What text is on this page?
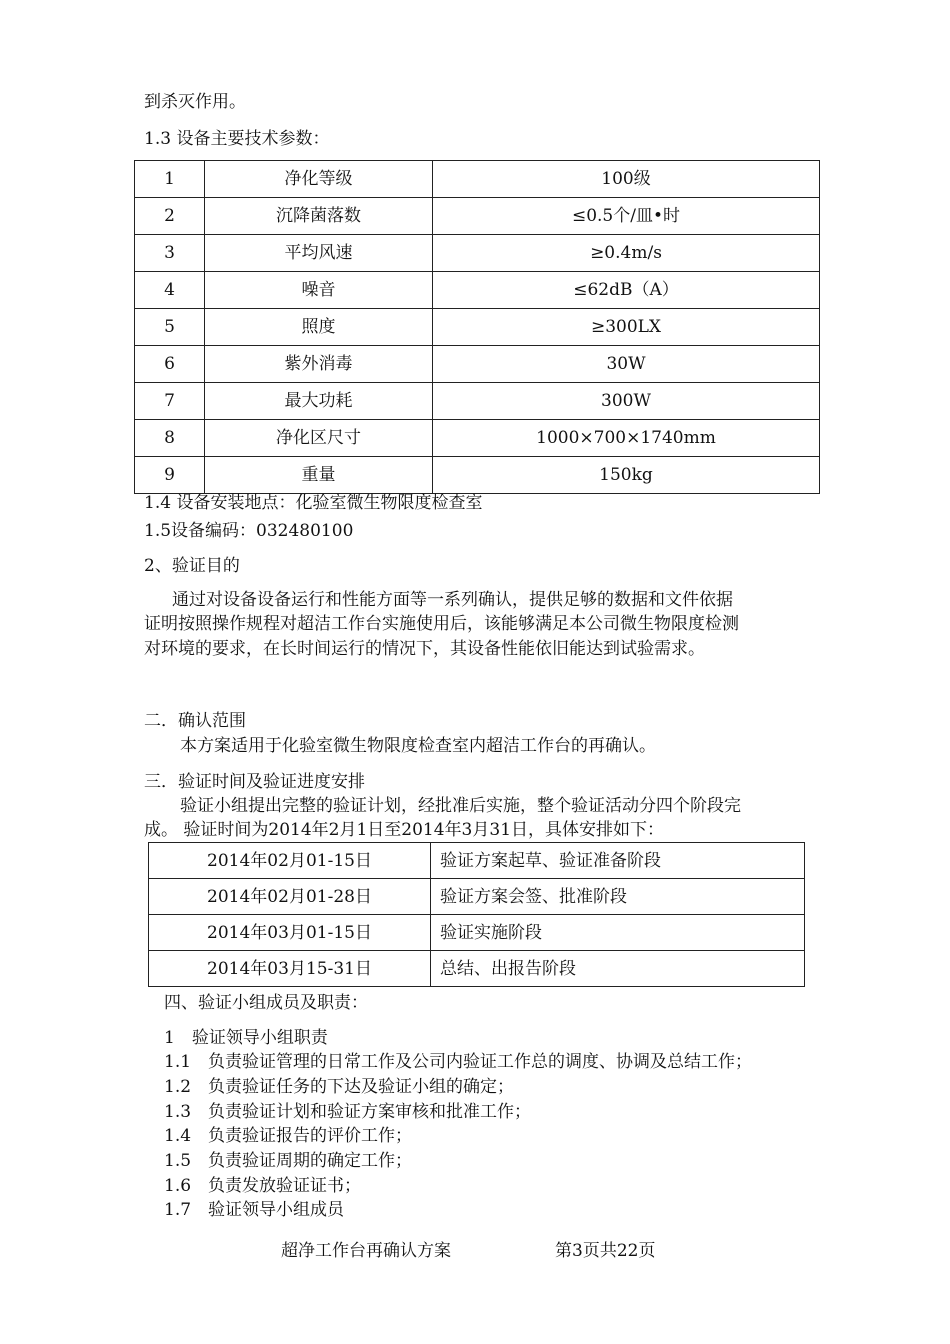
到杀灭作用。
1.3 设备主要技术参数：
1	净化等级	100级
2	沉降菌落数	≤0.5个/皿•时
3	平均风速	≥0.4m/s
4	噪音	≤62dB（A）
5	照度	≥300LX
6	紫外消毒	30W
7	最大功耗	300W
8	净化区尺寸	1000×700×1740mm
9	重量	150kg
1.4 设备安装地点：化验室微生物限度检查室
1.5设备编码：032480100
2、验证目的
通过对设备设备运行和性能方面等一系列确认，提供足够的数据和文件依据
证明按照操作规程对超洁工作台实施使用后，该能够满足本公司微生物限度检测
对环境的要求，在长时间运行的情况下，其设备性能依旧能达到试验需求。
二．确认范围
本方案适用于化验室微生物限度检查室内超洁工作台的再确认。
三．验证时间及验证进度安排
验证小组提出完整的验证计划，经批准后实施，整个验证活动分四个阶段完
成。 验证时间为2014年2月1日至2014年3月31日，具体安排如下：
2014年02月01-15日	验证方案起草、验证准备阶段
2014年02月01-28日	验证方案会签、批准阶段
2014年03月01-15日	验证实施阶段
2014年03月15-31日	总结、出报告阶段
四、验证小组成员及职责：
1　验证领导小组职责
1.1　负责验证管理的日常工作及公司内验证工作总的调度、协调及总结工作；
1.2　负责验证任务的下达及验证小组的确定；
1.3　负责验证计划和验证方案审核和批准工作；
1.4　负责验证报告的评价工作；
1.5　负责验证周期的确定工作；
1.6　负责发放验证证书；
1.7　验证领导小组成员
超净工作台再确认方案	第3页共22页
